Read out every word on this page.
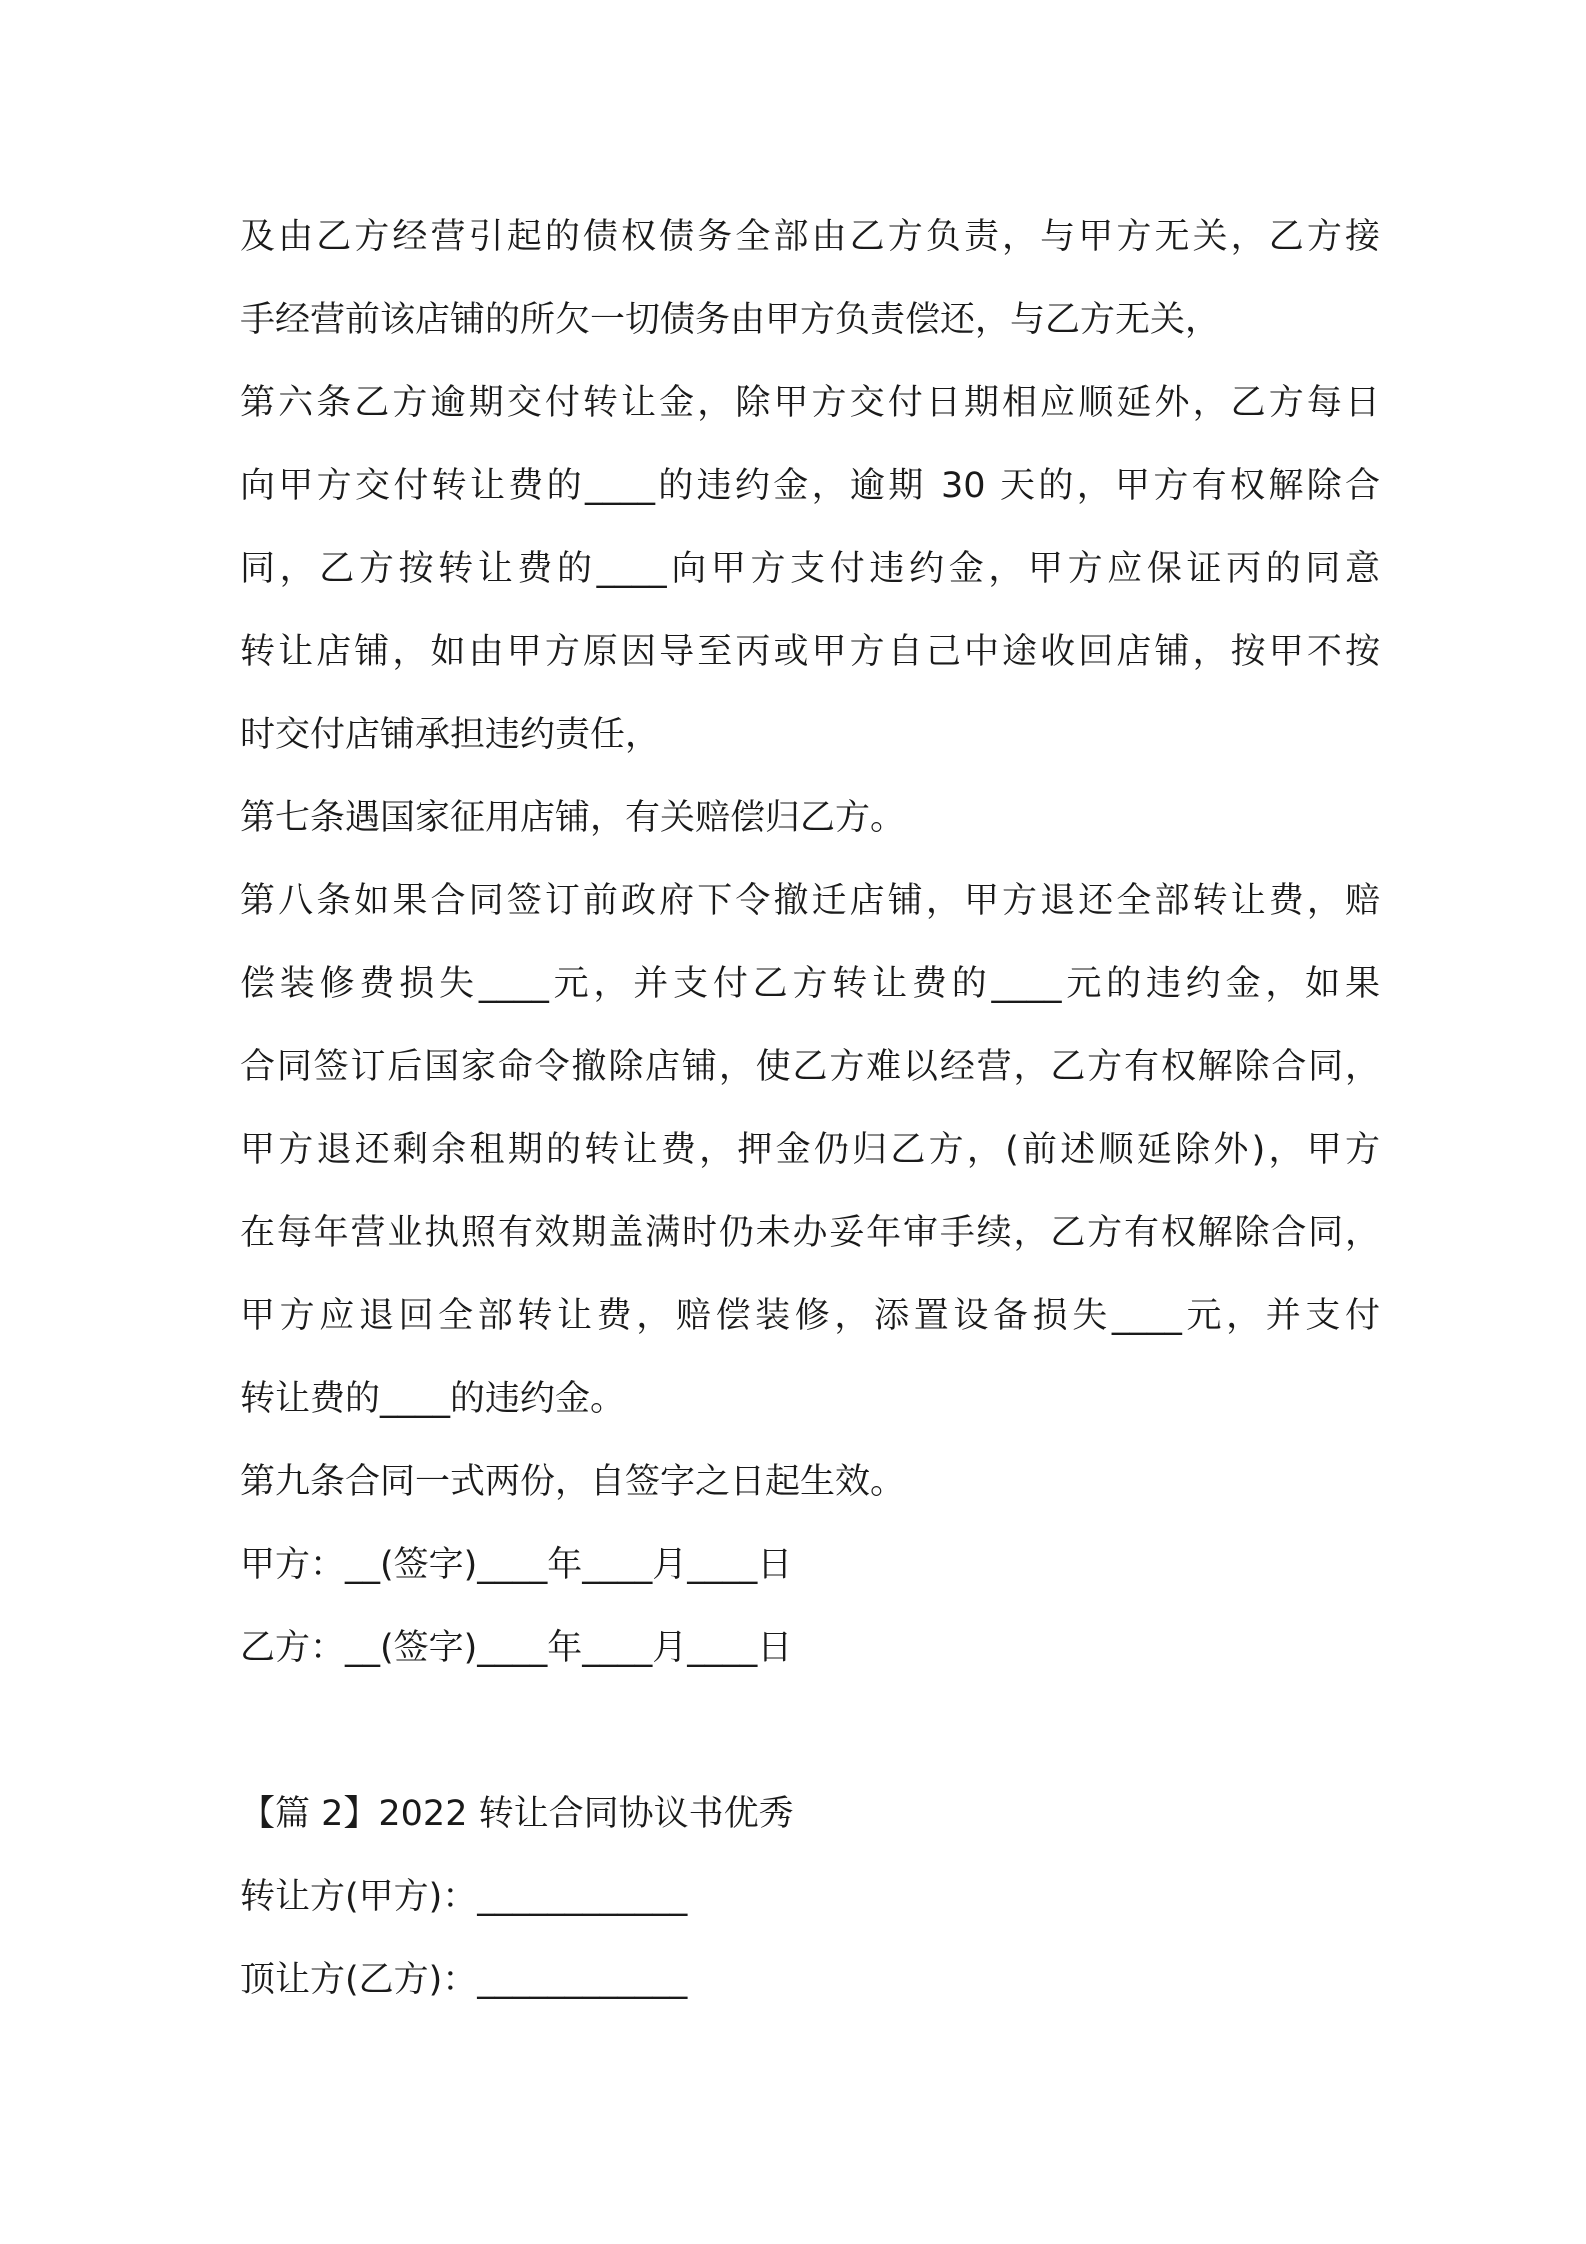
及由乙方经营引起的债权债务全部由乙方负责，与甲方无关，乙方接
手经营前该店铺的所欠一切债务由甲方负责偿还，与乙方无关，
第六条乙方逾期交付转让金，除甲方交付日期相应顺延外，乙方每日
向甲方交付转让费的____的违约金，逾期 30 天的，甲方有权解除合
同，乙方按转让费的____向甲方支付违约金，甲方应保证丙的同意
转让店铺，如由甲方原因导至丙或甲方自己中途收回店铺，按甲不按
时交付店铺承担违约责任，
第七条遇国家征用店铺，有关赔偿归乙方。
第八条如果合同签订前政府下令撤迁店铺，甲方退还全部转让费，赔
偿装修费损失____元，并支付乙方转让费的____元的违约金，如果
合同签订后国家命令撤除店铺，使乙方难以经营，乙方有权解除合同，
甲方退还剩余租期的转让费，押金仍归乙方，(前述顺延除外)，甲方
在每年营业执照有效期盖满时仍未办妥年审手续，乙方有权解除合同，
甲方应退回全部转让费，赔偿装修，添置设备损失____元，并支付
转让费的____的违约金。
第九条合同一式两份，自签字之日起生效。
甲方：__(签字)____年____月____日
乙方：__(签字)____年____月____日
【篇 2】2022 转让合同协议书优秀
转让方(甲方)：____________
顶让方(乙方)：____________
